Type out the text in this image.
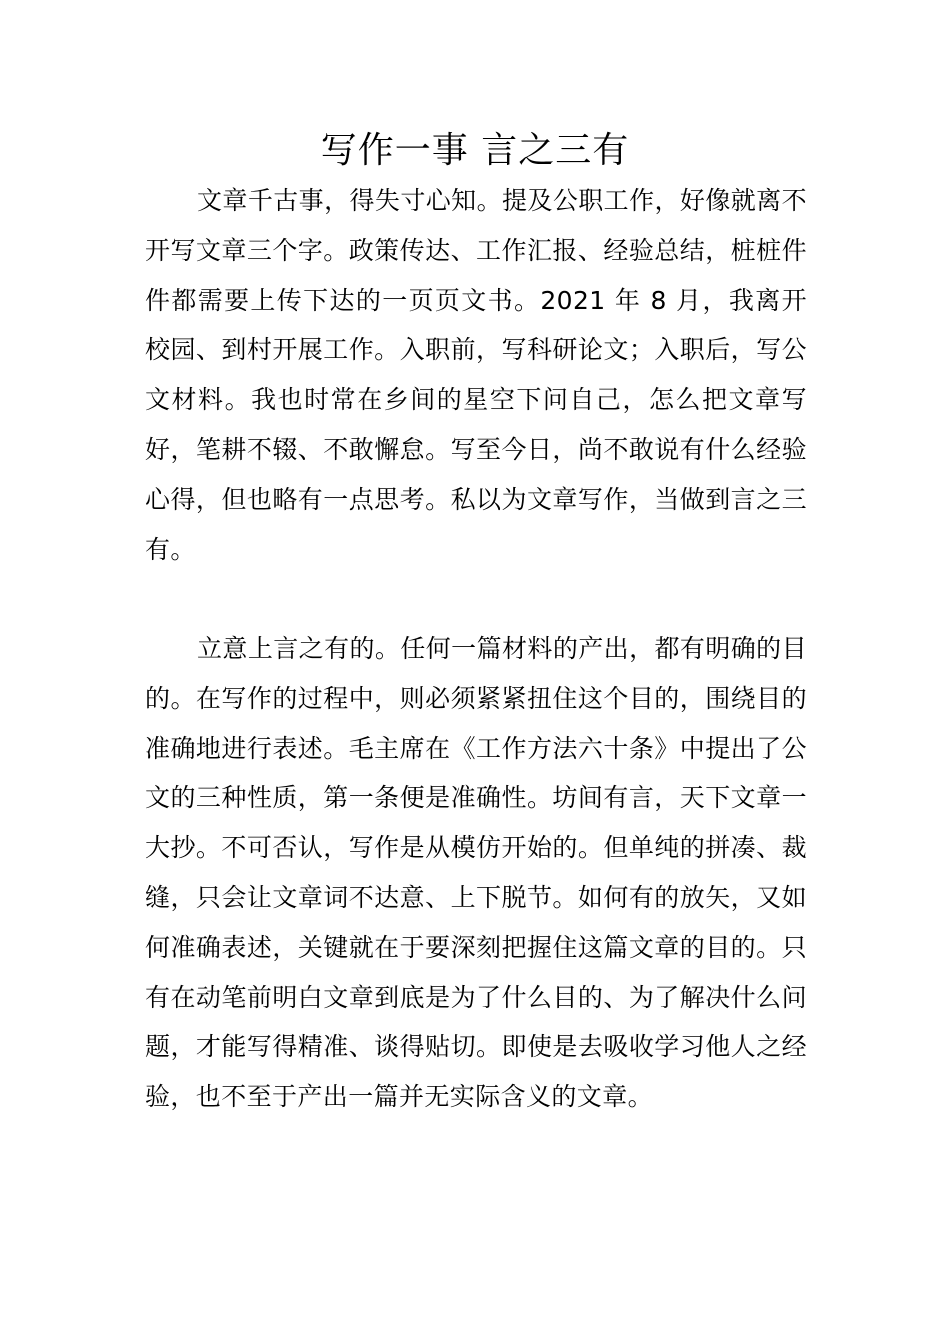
写作一事 言之三有

文章千古事，得失寸心知。提及公职工作，好像就离不开写文章三个字。政策传达、工作汇报、经验总结，桩桩件件都需要上传下达的一页页文书。2021 年 8 月，我离开校园、到村开展工作。入职前，写科研论文；入职后，写公文材料。我也时常在乡间的星空下问自己，怎么把文章写好，笔耕不辍、不敢懈怠。写至今日，尚不敢说有什么经验心得，但也略有一点思考。私以为文章写作，当做到言之三有。

立意上言之有的。任何一篇材料的产出，都有明确的目的。在写作的过程中，则必须紧紧扭住这个目的，围绕目的准确地进行表述。毛主席在《工作方法六十条》中提出了公文的三种性质，第一条便是准确性。坊间有言，天下文章一大抄。不可否认，写作是从模仿开始的。但单纯的拼凑、裁缝，只会让文章词不达意、上下脱节。如何有的放矢，又如何准确表述，关键就在于要深刻把握住这篇文章的目的。只有在动笔前明白文章到底是为了什么目的、为了解决什么问题，才能写得精准、谈得贴切。即使是去吸收学习他人之经验，也不至于产出一篇并无实际含义的文章。
